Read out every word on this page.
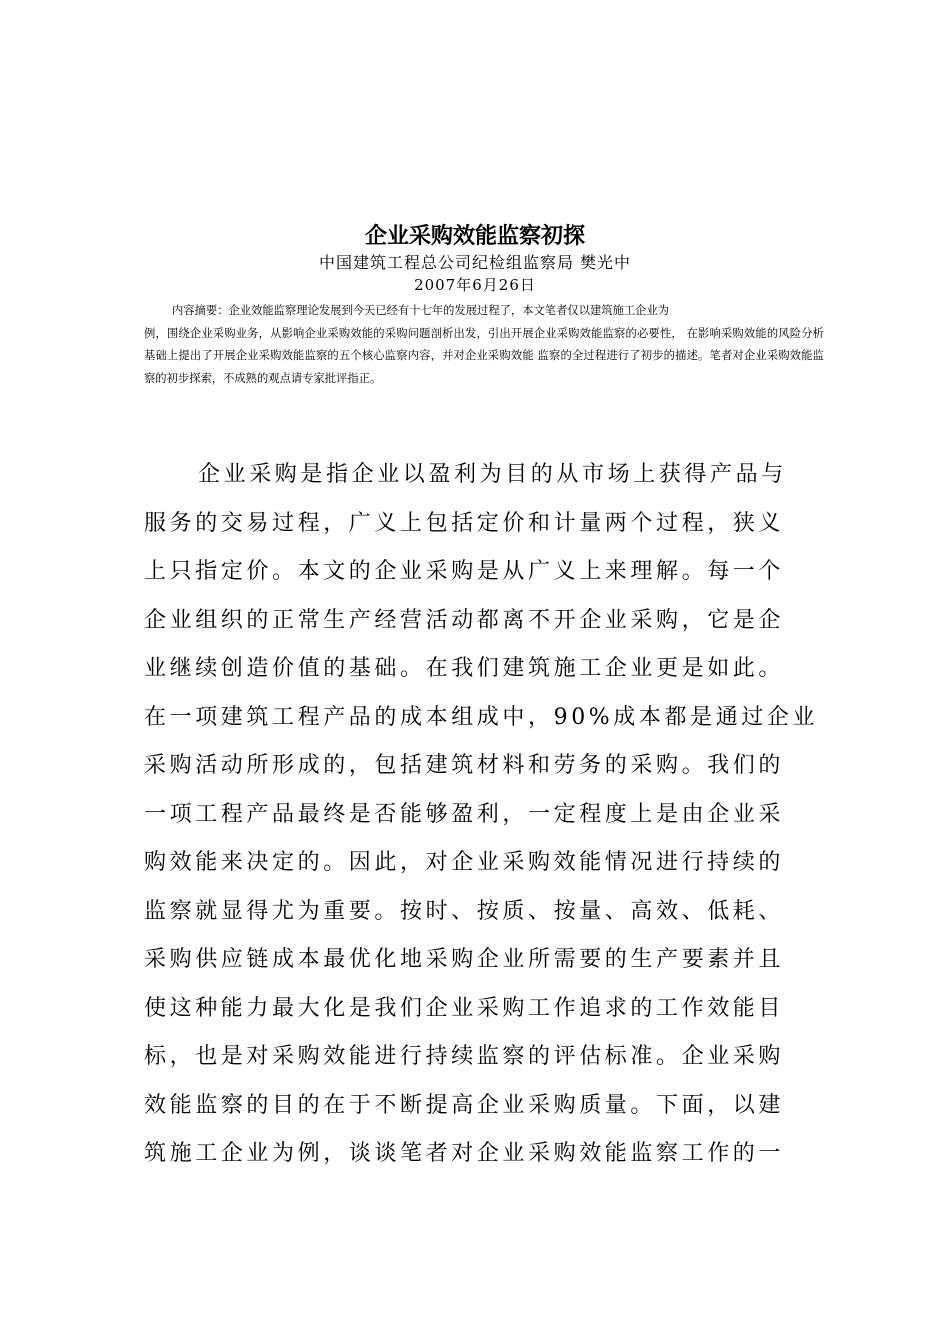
企业采购效能监察初探
中国建筑工程总公司纪检组监察局 樊光中
2007年6月26日
内容摘要：企业效能监察理论发展到今天已经有十七年的发展过程了，本文笔者仅以建筑施工企业为
例，围绕企业采购业务，从影响企业采购效能的采购问题剖析出发，引出开展企业采购效能监察的必要性， 在影响采购效能的风险分析基础上提出了开展企业采购效能监察的五个核心监察内容，并对企业采购效能 监察的全过程进行了初步的描述。笔者对企业采购效能监察的初步探索，不成熟的观点请专家批评指正。
企业采购是指企业以盈利为目的从市场上获得产品与
服务的交易过程，广义上包括定价和计量两个过程，狭义
上只指定价。本文的企业采购是从广义上来理解。每一个
企业组织的正常生产经营活动都离不开企业采购，它是企
业继续创造价值的基础。在我们建筑施工企业更是如此。
在一项建筑工程产品的成本组成中，90%成本都是通过企业
采购活动所形成的，包括建筑材料和劳务的采购。我们的
一项工程产品最终是否能够盈利，一定程度上是由企业采
购效能来决定的。因此，对企业采购效能情况进行持续的
监察就显得尤为重要。按时、按质、按量、高效、低耗、
采购供应链成本最优化地采购企业所需要的生产要素并且
使这种能力最大化是我们企业采购工作追求的工作效能目
标，也是对采购效能进行持续监察的评估标准。企业采购
效能监察的目的在于不断提高企业采购质量。下面，以建
筑施工企业为例，谈谈笔者对企业采购效能监察工作的一
